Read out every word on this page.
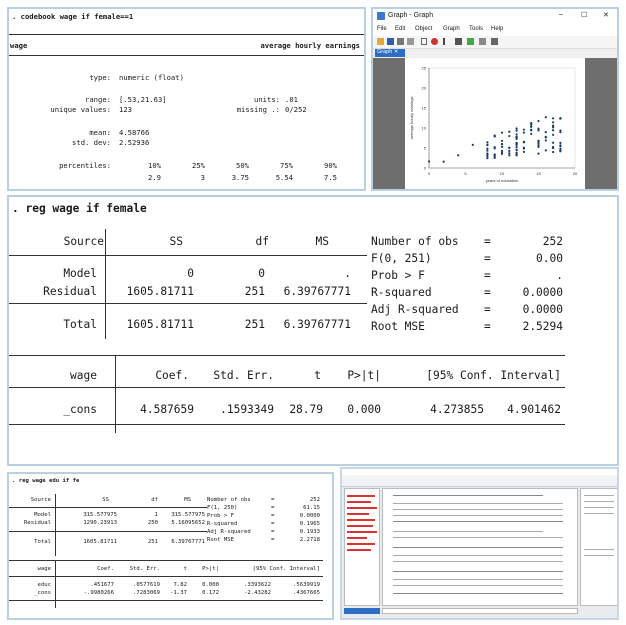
. codebook wage if female==1
wage	average hourly earnings
type: numeric (float)
range: [.53,21.63]	units: .01
unique values: 123	missing .: 0/252
mean: 4.58766
std. dev: 2.52936
percentiles:	10%	25%	50%	75%	90%
2.9	3	3.75	5.54	7.5
Graph - Graph	–	☐ ✕
File Edit Object Graph Tools Help
Graph ✕
0	5	10	15	20
0
5
10
15
20
25
years of education
average hourly earnings
. reg wage if female
Source	SS	df	MS
Model	0	0	.
Residual	1605.81711	251	6.39767771
Total	1605.81711	251	6.39767771
Number of obs =	252
F(0, 251)	=	0.00
Prob > F	=	.
R-squared	=	0.0000
Adj R-squared =	0.0000
Root MSE	=	2.5294
wage	Coef.	Std. Err.	t	P>|t|	[95% Conf. Interval]
_cons	4.587659	.1593349	28.79	0.000	4.273855	4.901462
. reg wage edu if fe
Source	SS	df	MS
Model	315.577975	1	315.577975
Residual	1290.23913	250	5.16095652
Total	1605.81711	251	6.39767771
Number of obs	=	252
F(1, 250)	=	61.15
Prob > F	=	0.0000
R-squared	=	0.1965
Adj R-squared	=	0.1933
Root MSE	=	2.2718
wage	Coef.	Std. Err.	t	P>|t|	[95% Conf. Interval]
educ	.451677	.0577619	7.82	0.000	.3393622	.5639919
_cons	-.9980266	.7283069	-1.37	0.172	-2.43282	.4367665
